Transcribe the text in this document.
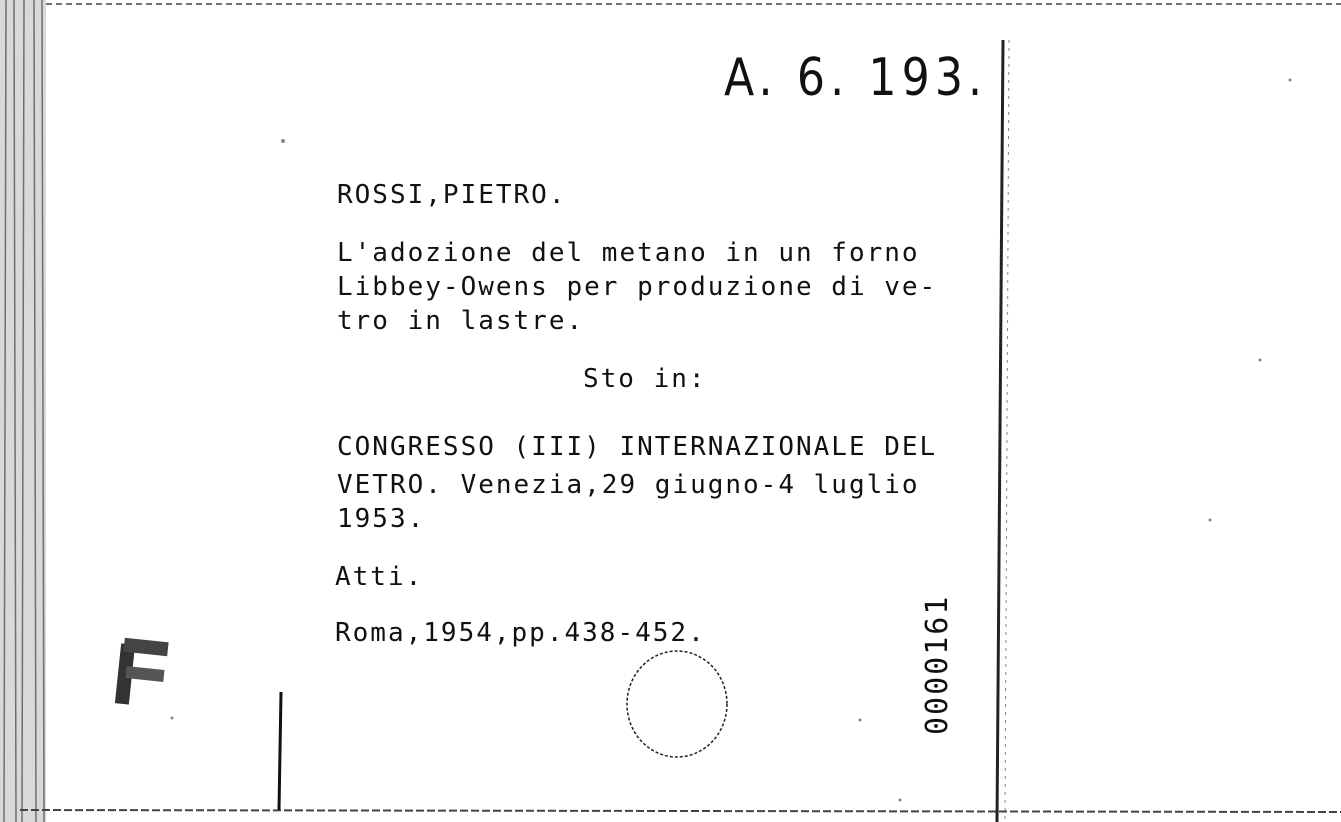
A. 6. 193.
ROSSI,PIETRO.
L'adozione del metano in un forno
Libbey-Owens per produzione di ve-
tro in lastre.
Sto in:
CONGRESSO (III) INTERNAZIONALE DEL
VETRO. Venezia,29 giugno-4 luglio
1953.
Atti.
Roma,1954,pp.438-452.	0000161
